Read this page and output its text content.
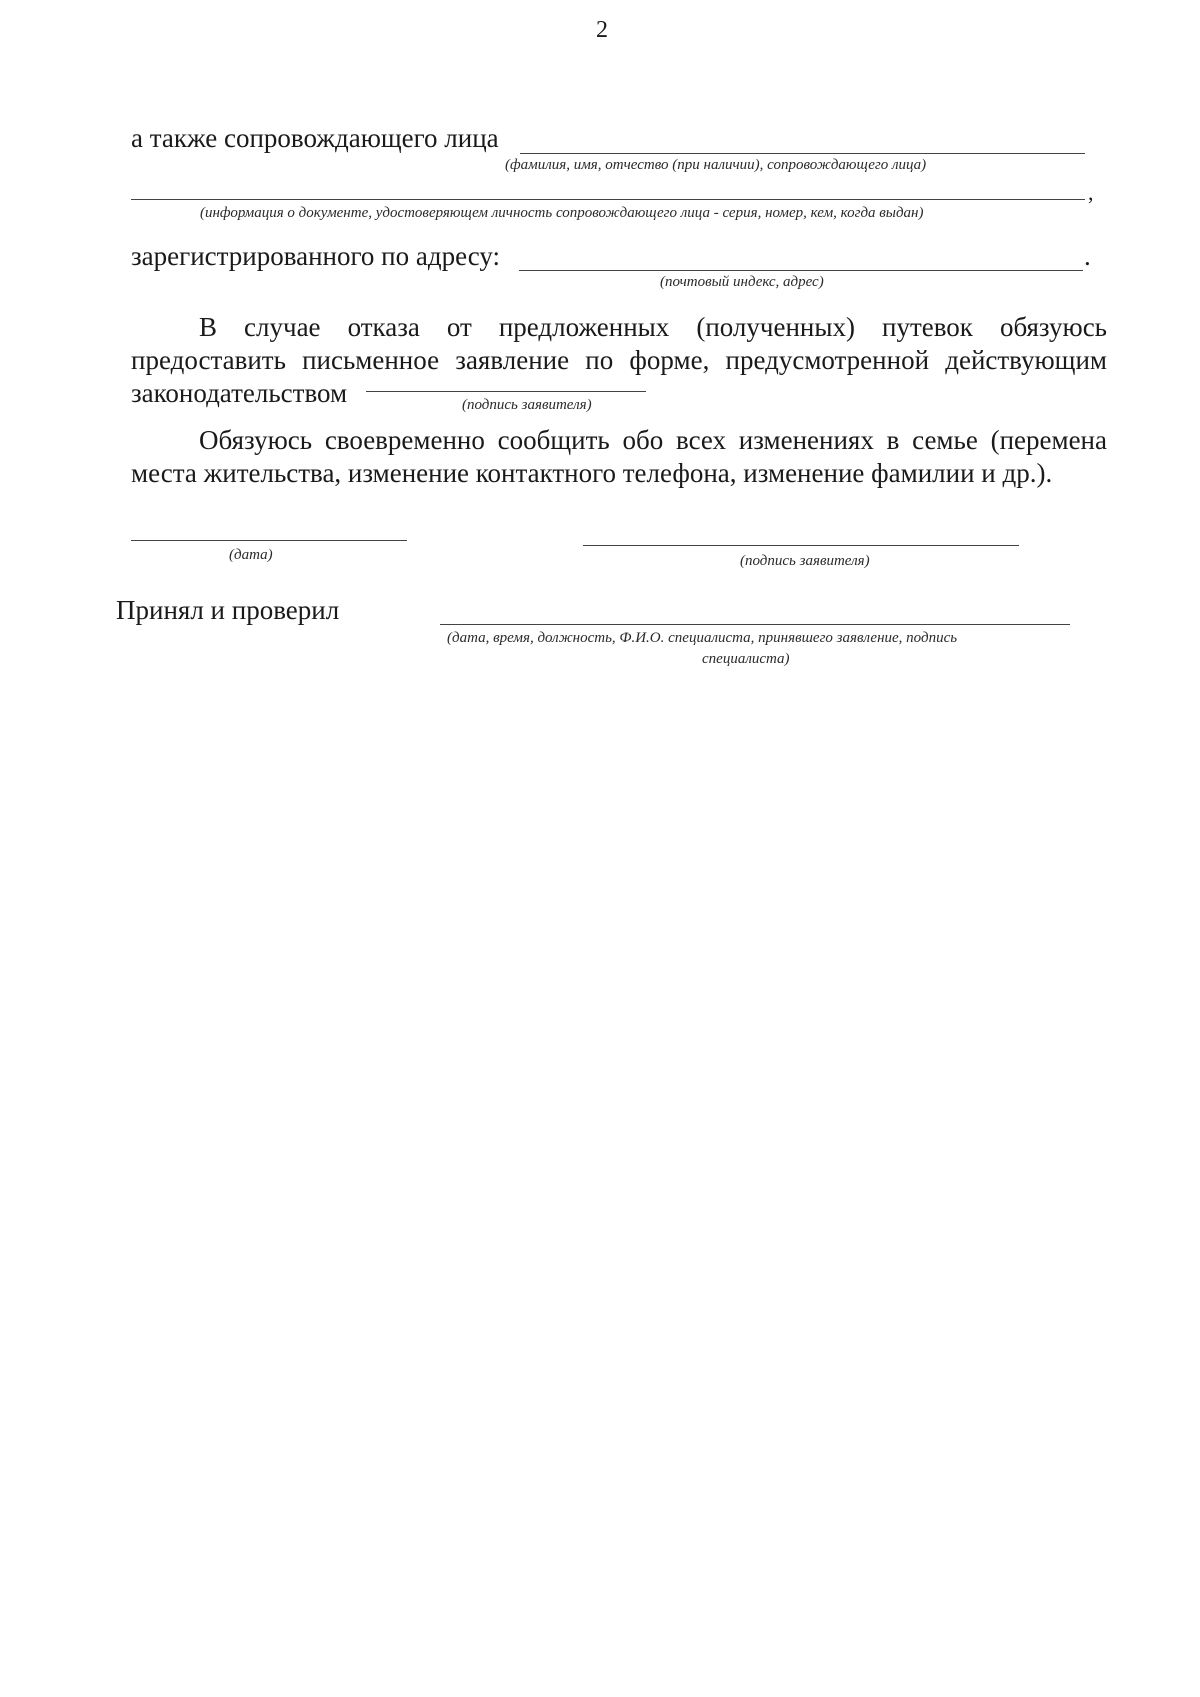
2
а также сопровождающего лица
(фамилия, имя, отчество (при наличии), сопровождающего лица)
,
(информация о документе, удостоверяющем личность сопровождающего лица - серия, номер, кем, когда выдан)
зарегистрированного по адресу:	.
(почтовый индекс, адрес)
В случае отказа от предложенных (полученных) путевок обязуюсь
предоставить письменное заявление по форме, предусмотренной действующим
законодательством	(подпись заявителя)
Обязуюсь своевременно сообщить обо всех изменениях в семье (перемена
места жительства, изменение контактного телефона, изменение фамилии и др.).
(дата)	(подпись заявителя)
Принял и проверил
(дата, время, должность, Ф.И.О. специалиста, принявшего заявление, подпись
специалиста)
